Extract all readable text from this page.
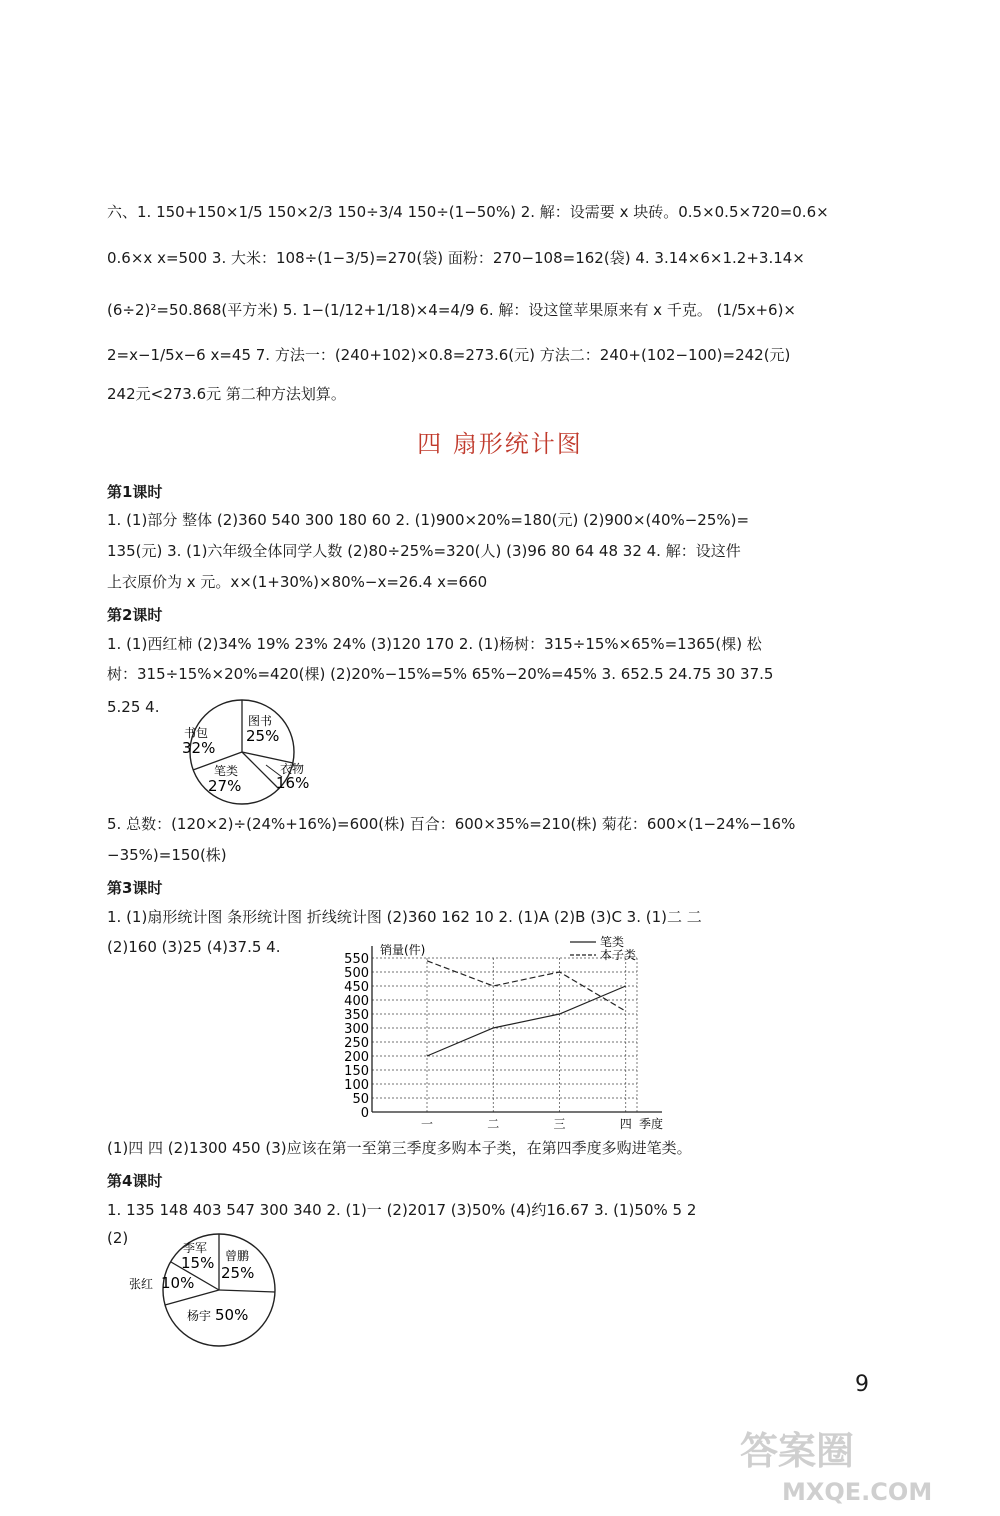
六、1. 150+150×1/5 150×2/3 150÷3/4 150÷(1−50%) 2. 解：设需要 x 块砖。0.5×0.5×720=0.6×
0.6×x x=500 3. 大米：108÷(1−3/5)=270(袋) 面粉：270−108=162(袋) 4. 3.14×6×1.2+3.14×
(6÷2)²=50.868(平方米) 5. 1−(1/12+1/18)×4=4/9 6. 解：设这筐苹果原来有 x 千克。 (1/5x+6)×
2=x−1/5x−6 x=45 7. 方法一：(240+102)×0.8=273.6(元) 方法二：240+(102−100)=242(元)
242元<273.6元 第二种方法划算。
四 扇形统计图
第1课时
1. (1)部分 整体 (2)360 540 300 180 60 2. (1)900×20%=180(元) (2)900×(40%−25%)=
135(元) 3. (1)六年级全体同学人数 (2)80÷25%=320(人) (3)96 80 64 48 32 4. 解：设这件
上衣原价为 x 元。x×(1+30%)×80%−x=26.4 x=660
第2课时
1. (1)西红柿 (2)34% 19% 23% 24% (3)120 170 2. (1)杨树：315÷15%×65%=1365(棵) 松
树：315÷15%×20%=420(棵) (2)20%−15%=5% 65%−20%=45% 3. 652.5 24.75 30 37.5
5.25 4.
书包
32%
图书
25%
衣物
16%
笔类
27%
5. 总数：(120×2)÷(24%+16%)=600(株) 百合：600×35%=210(株) 菊花：600×(1−24%−16%
−35%)=150(株)
第3课时
1. (1)扇形统计图 条形统计图 折线统计图 (2)360 162 10 2. (1)A (2)B (3)C 3. (1)二 二
(2)160 (3)25 (4)37.5 4.
0
50
100
150
200
250
300
350
400
450
500
550
销量(件)
季度
一	二	三	四
笔类
本子类
(1)四 四 (2)1300 450 (3)应该在第一至第三季度多购本子类，在第四季度多购进笔类。
第4课时
1. 135 148 403 547 300 340 2. (1)一 (2)2017 (3)50% (4)约16.67 3. (1)50% 5 2
(2)
李军
15% 曾鹏
25%
张红 10%
杨宇 50%
9
答案圈
MXQE.COM
